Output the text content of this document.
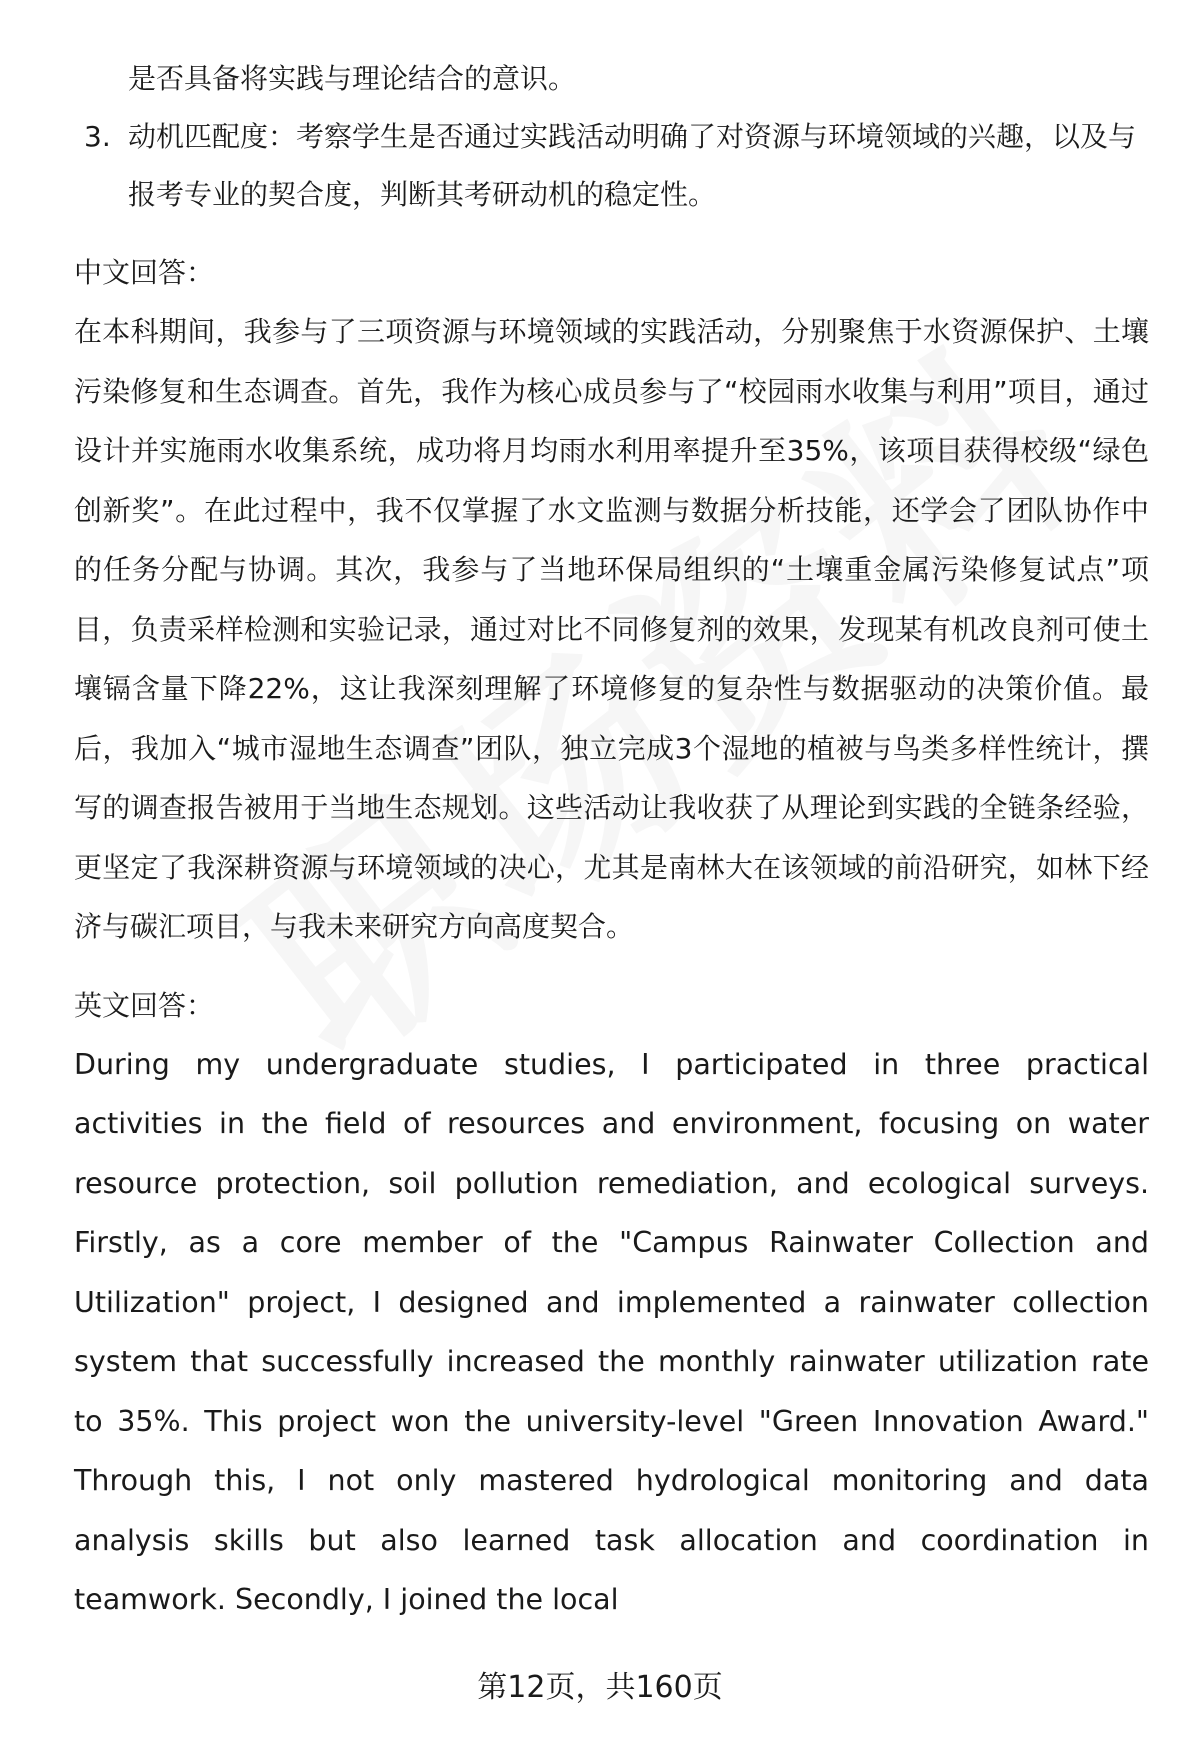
是否具备将实践与理论结合的意识。

3. 动机匹配度：考察学生是否通过实践活动明确了对资源与环境领域的兴趣，以及与报考专业的契合度，判断其考研动机的稳定性。

中文回答：

在本科期间，我参与了三项资源与环境领域的实践活动，分别聚焦于水资源保护、土壤污染修复和生态调查。首先，我作为核心成员参与了“校园雨水收集与利用”项目，通过设计并实施雨水收集系统，成功将月均雨水利用率提升至35%，该项目获得校级“绿色创新奖”。在此过程中，我不仅掌握了水文监测与数据分析技能，还学会了团队协作中的任务分配与协调。其次，我参与了当地环保局组织的“土壤重金属污染修复试点”项目，负责采样检测和实验记录，通过对比不同修复剂的效果，发现某有机改良剂可使土壤镉含量下降22%，这让我深刻理解了环境修复的复杂性与数据驱动的决策价值。最后，我加入“城市湿地生态调查”团队，独立完成3个湿地的植被与鸟类多样性统计，撰写的调查报告被用于当地生态规划。这些活动让我收获了从理论到实践的全链条经验，更坚定了我深耕资源与环境领域的决心，尤其是南林大在该领域的前沿研究，如林下经济与碳汇项目，与我未来研究方向高度契合。

英文回答：

During my undergraduate studies, I participated in three practical activities in the field of resources and environment, focusing on water resource protection, soil pollution remediation, and ecological surveys. Firstly, as a core member of the "Campus Rainwater Collection and Utilization" project, I designed and implemented a rainwater collection system that successfully increased the monthly rainwater utilization rate to 35%. This project won the university-level "Green Innovation Award." Through this, I not only mastered hydrological monitoring and data analysis skills but also learned task allocation and coordination in teamwork. Secondly, I joined the local

第12页，共160页
